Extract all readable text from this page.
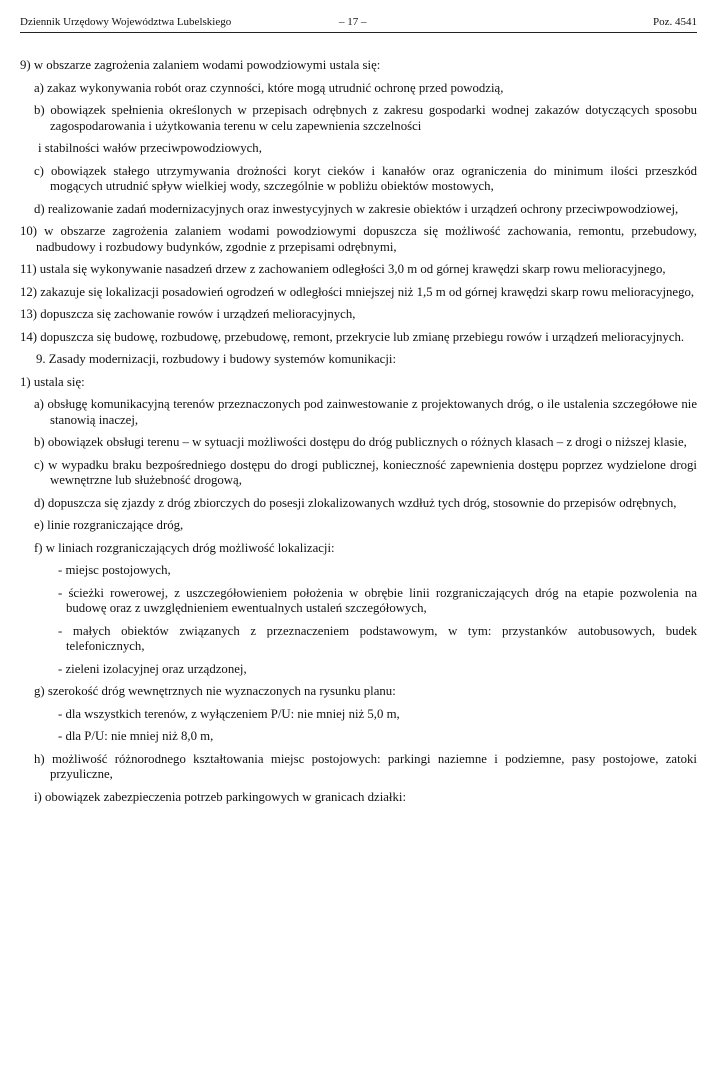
Dziennik Urzędowy Województwa Lubelskiego	– 17 –	Poz. 4541

9) w obszarze zagrożenia zalaniem wodami powodziowymi ustala się:

a) zakaz wykonywania robót oraz czynności, które mogą utrudnić ochronę przed powodzią,

b) obowiązek spełnienia określonych w przepisach odrębnych z zakresu gospodarki wodnej zakazów dotyczących sposobu zagospodarowania i użytkowania terenu w celu zapewnienia szczelności

i stabilności wałów przeciwpowodziowych,

c) obowiązek stałego utrzymywania drożności koryt cieków i kanałów oraz ograniczenia do minimum ilości przeszkód mogących utrudnić spływ wielkiej wody, szczególnie w pobliżu obiektów mostowych,

d) realizowanie zadań modernizacyjnych oraz inwestycyjnych w zakresie obiektów i urządzeń ochrony przeciwpowodziowej,

10) w obszarze zagrożenia zalaniem wodami powodziowymi dopuszcza się możliwość zachowania, remontu, przebudowy, nadbudowy i rozbudowy budynków, zgodnie z przepisami odrębnymi,

11) ustala się wykonywanie nasadzeń drzew z zachowaniem odległości 3,0 m od górnej krawędzi skarp rowu melioracyjnego,

12) zakazuje się lokalizacji posadowień ogrodzeń w odległości mniejszej niż 1,5 m od górnej krawędzi skarp rowu melioracyjnego,

13) dopuszcza się zachowanie rowów i urządzeń melioracyjnych,

14) dopuszcza się budowę, rozbudowę, przebudowę, remont, przekrycie lub zmianę przebiegu rowów i urządzeń melioracyjnych.

9. Zasady modernizacji, rozbudowy i budowy systemów komunikacji:

1) ustala się:

a) obsługę komunikacyjną terenów przeznaczonych pod zainwestowanie z projektowanych dróg, o ile ustalenia szczegółowe nie stanowią inaczej,

b) obowiązek obsługi terenu – w sytuacji możliwości dostępu do dróg publicznych o różnych klasach – z drogi o niższej klasie,

c) w wypadku braku bezpośredniego dostępu do drogi publicznej, konieczność zapewnienia dostępu poprzez wydzielone drogi wewnętrzne lub służebność drogową,

d) dopuszcza się zjazdy z dróg zbiorczych do posesji zlokalizowanych wzdłuż tych dróg, stosownie do przepisów odrębnych,

e) linie rozgraniczające dróg,

f) w liniach rozgraniczających dróg możliwość lokalizacji:

- miejsc postojowych,

- ścieżki rowerowej, z uszczegółowieniem położenia w obrębie linii rozgraniczających dróg na etapie pozwolenia na budowę oraz z uwzględnieniem ewentualnych ustaleń szczegółowych,

- małych obiektów związanych z przeznaczeniem podstawowym, w tym: przystanków autobusowych, budek telefonicznych,

- zieleni izolacyjnej oraz urządzonej,

g) szerokość dróg wewnętrznych nie wyznaczonych na rysunku planu:

- dla wszystkich terenów, z wyłączeniem P/U: nie mniej niż 5,0 m,

- dla P/U: nie mniej niż 8,0 m,

h) możliwość różnorodnego kształtowania miejsc postojowych: parkingi naziemne i podziemne, pasy postojowe, zatoki przyuliczne,

i) obowiązek zabezpieczenia potrzeb parkingowych w granicach działki:
